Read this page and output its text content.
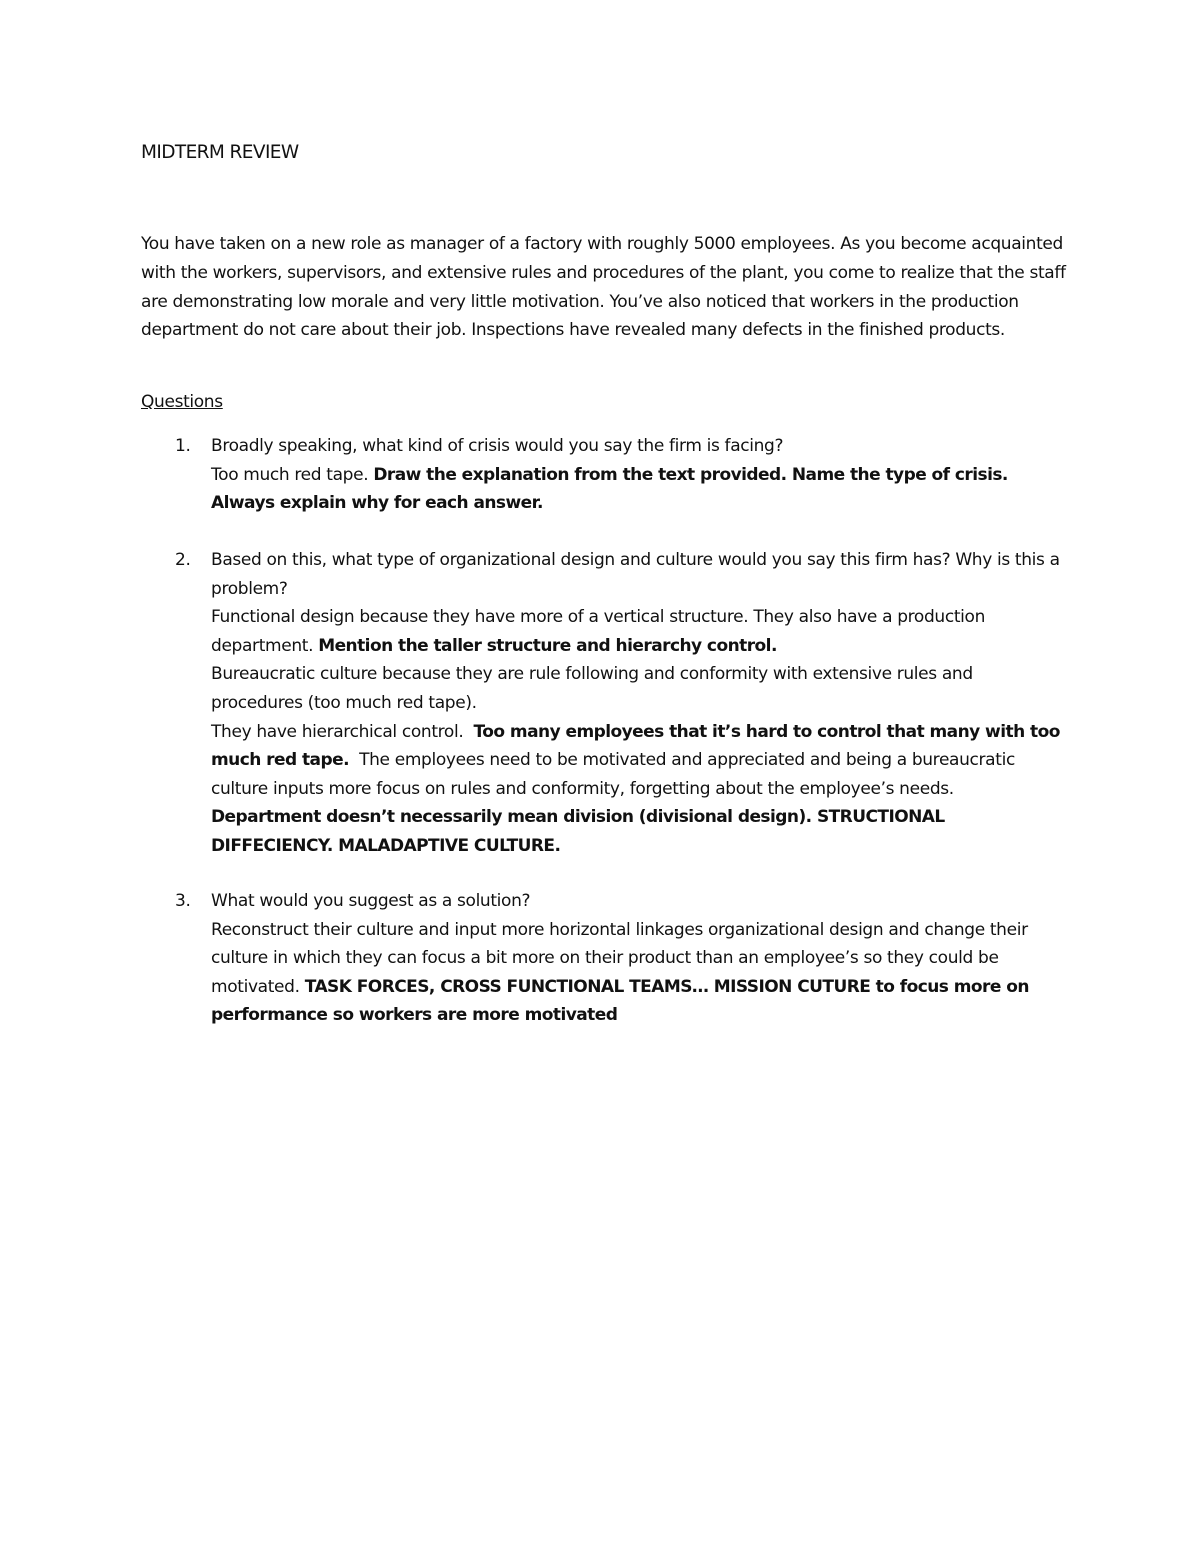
MIDTERM REVIEW

You have taken on a new role as manager of a factory with roughly 5000 employees. As you become acquainted with the workers, supervisors, and extensive rules and procedures of the plant, you come to realize that the staff are demonstrating low morale and very little motivation. You’ve also noticed that workers in the production department do not care about their job. Inspections have revealed many defects in the finished products.

Questions

1. Broadly speaking, what kind of crisis would you say the firm is facing?

Too much red tape. Draw the explanation from the text provided. Name the type of crisis. Always explain why for each answer.

2. Based on this, what type of organizational design and culture would you say this firm has? Why is this a problem?

Functional design because they have more of a vertical structure. They also have a production department. Mention the taller structure and hierarchy control.

Bureaucratic culture because they are rule following and conformity with extensive rules and procedures (too much red tape).

They have hierarchical control. Too many employees that it’s hard to control that many with too much red tape. The employees need to be motivated and appreciated and being a bureaucratic culture inputs more focus on rules and conformity, forgetting about the employee’s needs. Department doesn’t necessarily mean division (divisional design). STRUCTIONAL DIFFECIENCY. MALADAPTIVE CULTURE.

3. What would you suggest as a solution?

Reconstruct their culture and input more horizontal linkages organizational design and change their culture in which they can focus a bit more on their product than an employee’s so they could be motivated. TASK FORCES, CROSS FUNCTIONAL TEAMS… MISSION CUTURE to focus more on performance so workers are more motivated
